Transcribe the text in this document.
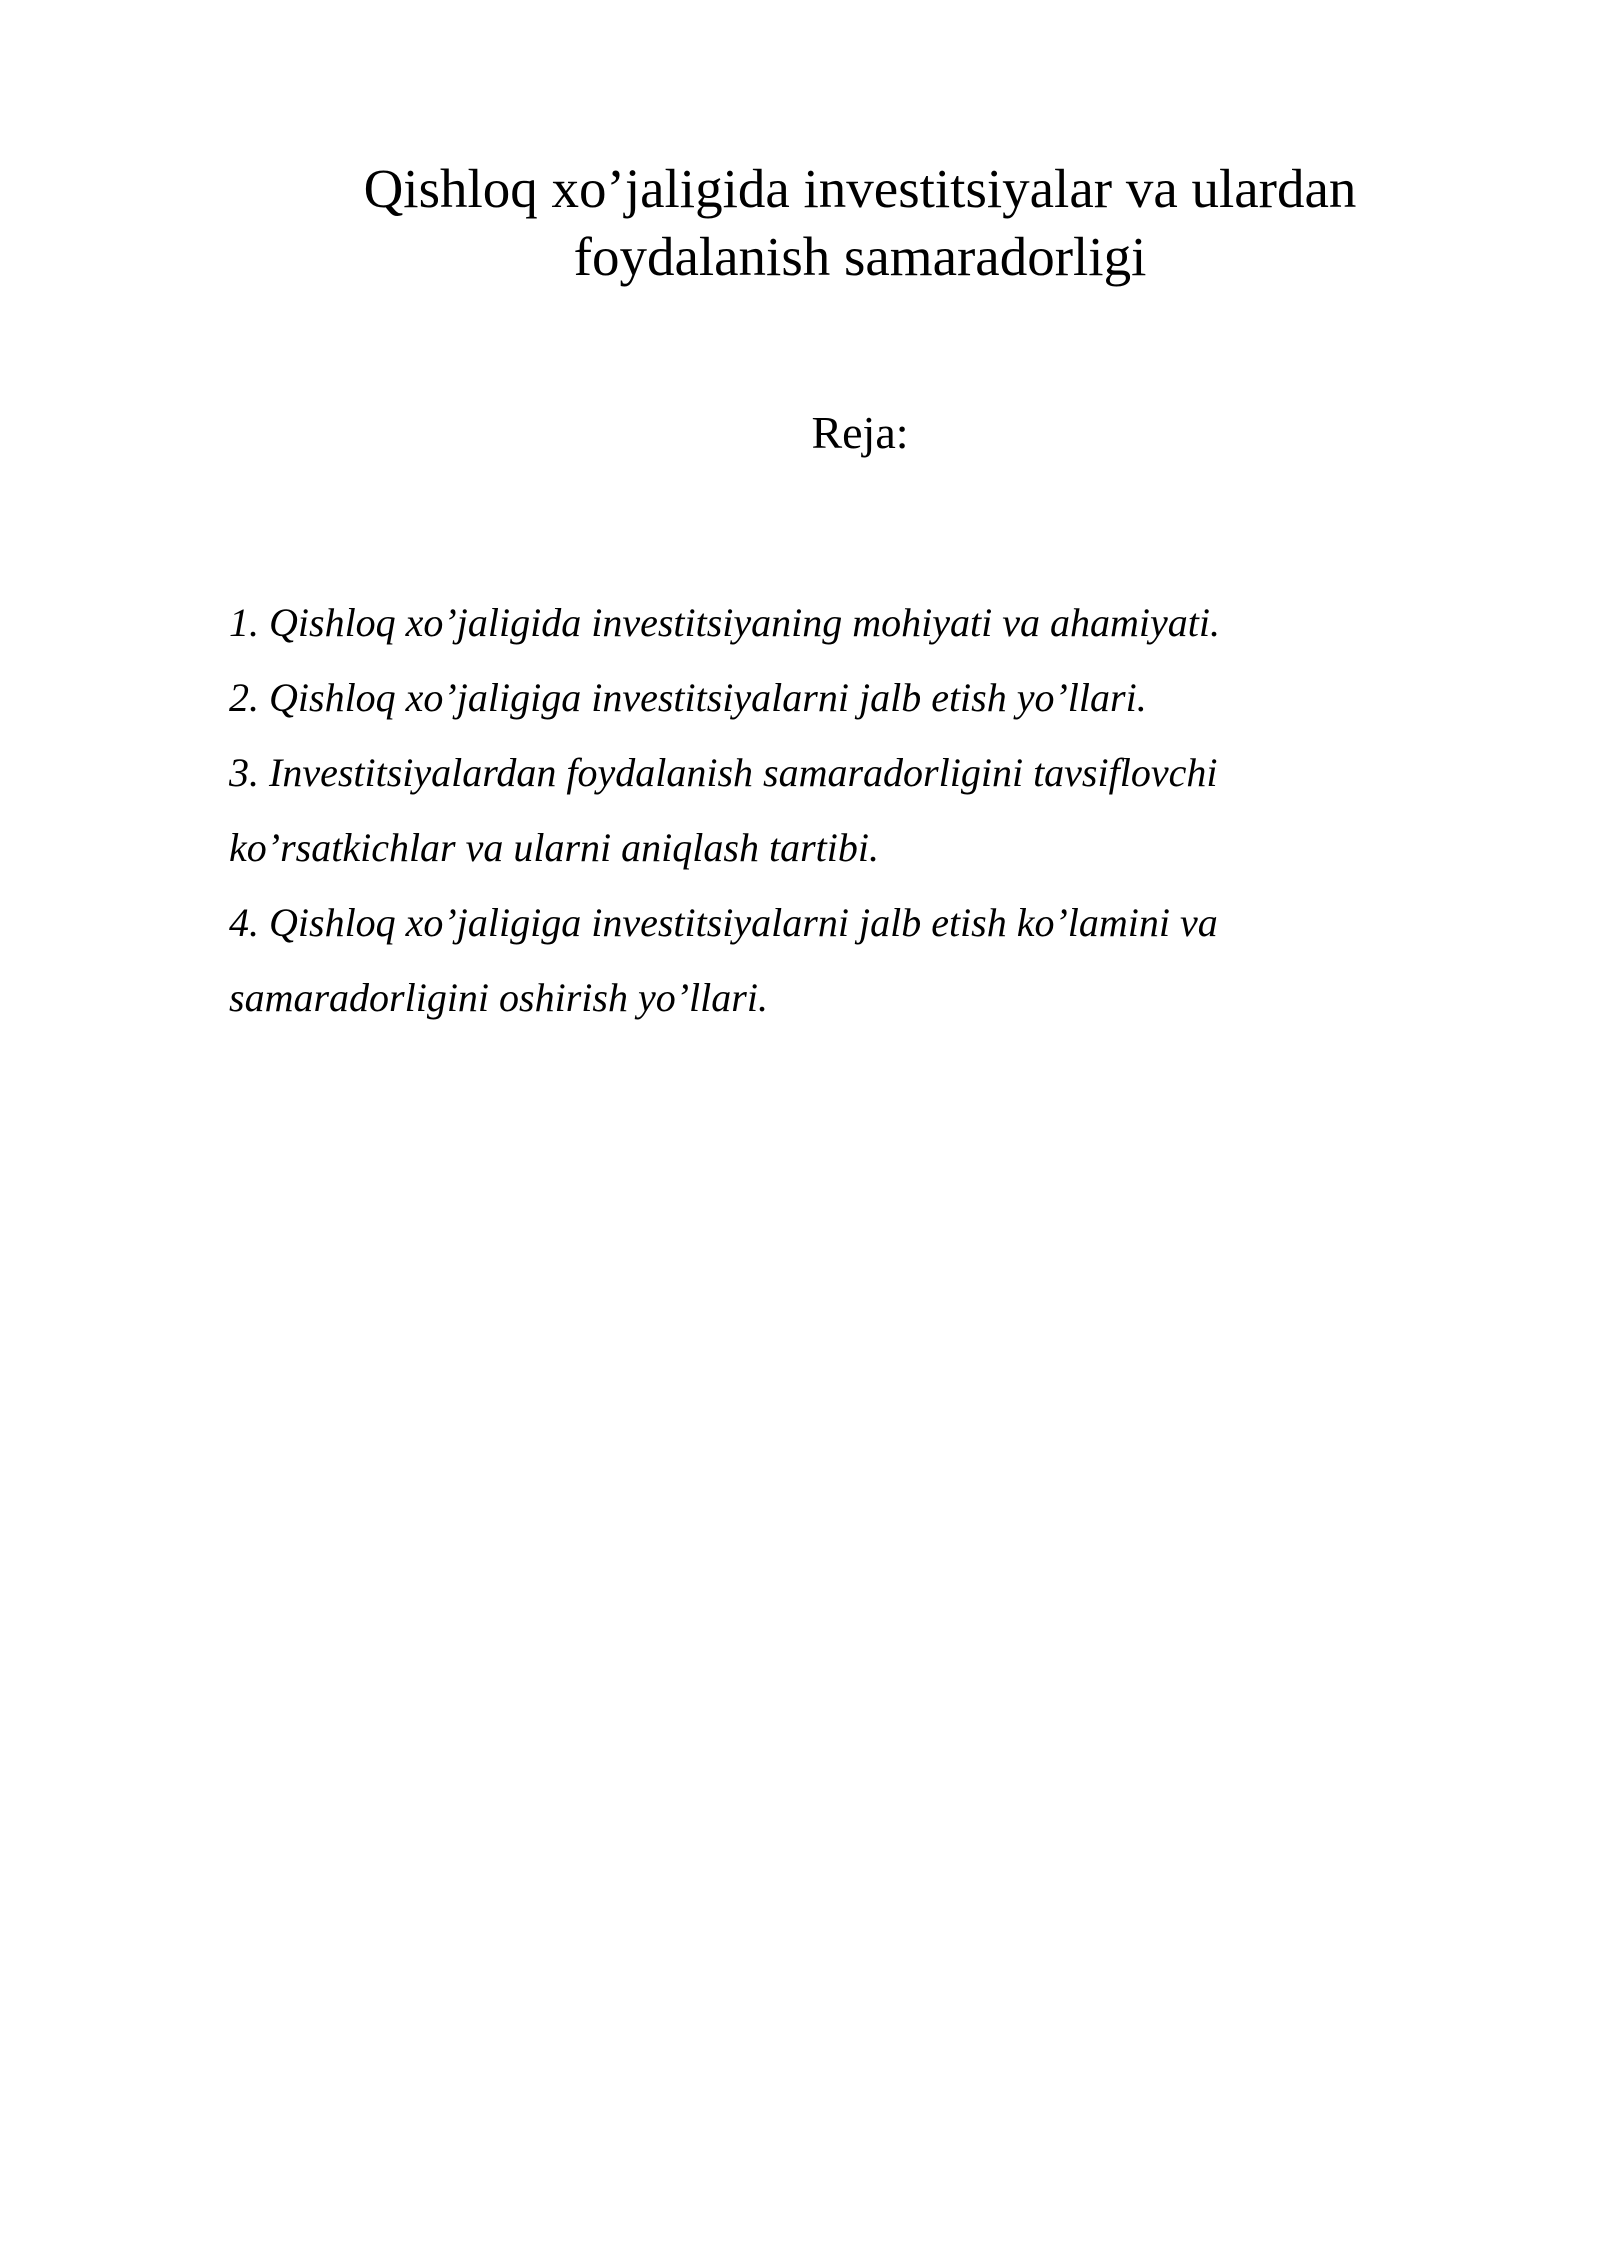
Qishloq xo’jaligida investitsiyalar va ulardan
foydalanish samaradorligi
Reja:
1. Qishloq xo’jaligida investitsiyaning mohiyati va ahamiyati.
2. Qishloq xo’jaligiga investitsiyalarni jalb etish yo’llari.
3. Investitsiyalardan foydalanish samaradorligini tavsiflovchi
ko’rsatkichlar va ularni aniqlash tartibi.
4. Qishloq xo’jaligiga investitsiyalarni jalb etish ko’lamini va
samaradorligini oshirish yo’llari.
